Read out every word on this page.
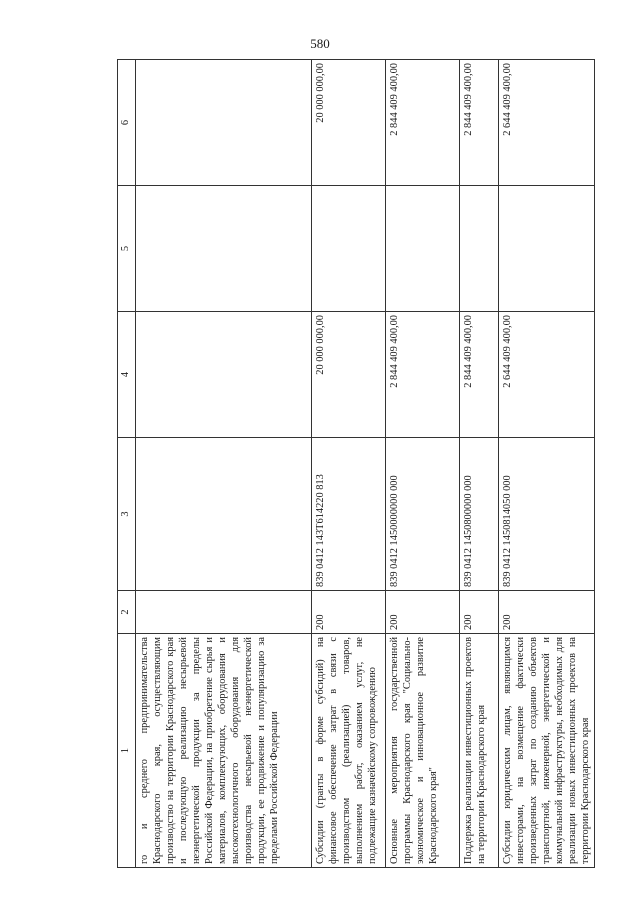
580
1	2	3	4	5	6
го и среднего предпринимательства Краснодарского края, осуществляющим производство на территории Краснодарского края и последующую реализацию несырьевой неэнергетической продукции за пределы Российской Федерации, на приобретение сырья и материалов, комплектующих, оборудования и высокотехнологичного оборудования для производства несырьевой неэнергетической продукции, ее продвижение и популяризацию за пределами Российской Федерации					
Субсидии (гранты в форме субсидий) на финансовое обеспечение затрат в связи с производством (реализацией) товаров, выполнением работ, оказанием услуг, не подлежащие казначейскому сопровождению	200	839 0412 143Т614220 813	20 000 000,00		20 000 000,00
Основные мероприятия государственной программы Краснодарского края "Социально-экономическое и инновационное развитие Краснодарского края"	200	839 0412 1450000000 000	2 844 409 400,00		2 844 409 400,00
Поддержка реализации инвестиционных проектов на территории Краснодарского края	200	839 0412 1450800000 000	2 844 409 400,00		2 844 409 400,00
Субсидии юридическим лицам, являющимся инвесторами, на возмещение фактически произведенных затрат по созданию объектов транспортной, инженерной, энергетической и коммунальной инфраструктуры, необходимых для реализации новых инвестиционных проектов на территории Краснодарского края	200	839 0412 1450814050 000	2 644 409 400,00		2 644 409 400,00
